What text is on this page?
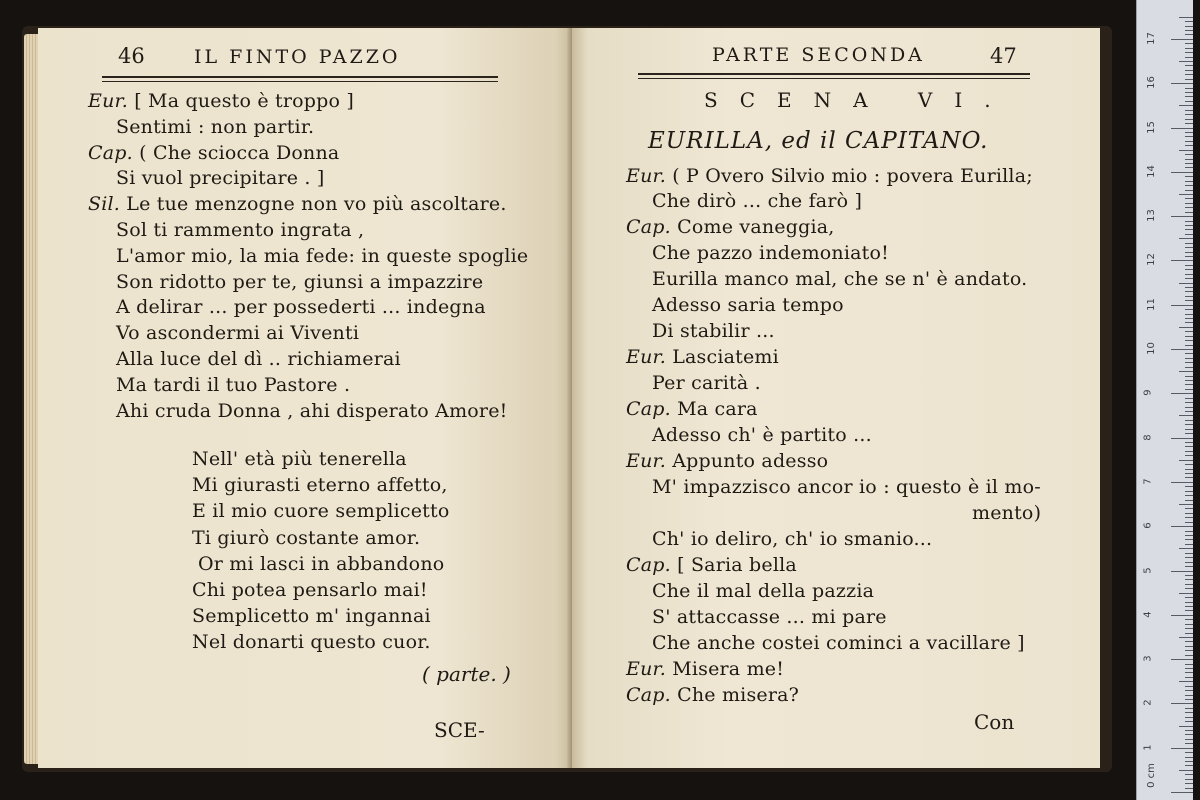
46	IL FINTO PAZZO
Eur. [ Ma questo è troppo ]
Sentimi : non partir.
Cap. ( Che sciocca Donna
Si vuol precipitare . ]
Sil. Le tue menzogne non vo più ascoltare.
Sol ti rammento ingrata ,
L'amor mio, la mia fede: in queste spoglie
Son ridotto per te, giunsi a impazzire
A delirar ... per possederti ... indegna
Vo ascondermi ai Viventi
Alla luce del dì .. richiamerai
Ma tardi il tuo Pastore .
Ahi cruda Donna , ahi disperato Amore!
Nell' età più tenerella
Mi giurasti eterno affetto,
E il mio cuore semplicetto
Ti giurò costante amor.
Or mi lasci in abbandono
Chi potea pensarlo mai!
Semplicetto m' ingannai
Nel donarti questo cuor.
( parte. )
SCE-
PARTE SECONDA	47
SCENA VI.
EURILLA, ed il CAPITANO.
Eur. ( P Overo Silvio mio : povera Eurilla;
Che dirò ... che farò ]
Cap. Come vaneggia,
Che pazzo indemoniato!
Eurilla manco mal, che se n' è andato.
Adesso saria tempo
Di stabilir ...
Eur. Lasciatemi
Per carità .
Cap. Ma cara
Adesso ch' è partito ...
Eur. Appunto adesso
M' impazzisco ancor io : questo è il mo-
mento)
Ch' io deliro, ch' io smanio...
Cap. [ Saria bella
Che il mal della pazzia
S' attaccasse ... mi pare
Che anche costei cominci a vacillare ]
Eur. Misera me!
Cap. Che misera?
Con
1
2
3
4
5
6
7
8
9
10
11
12
13
14
15
16
17
0 cm
